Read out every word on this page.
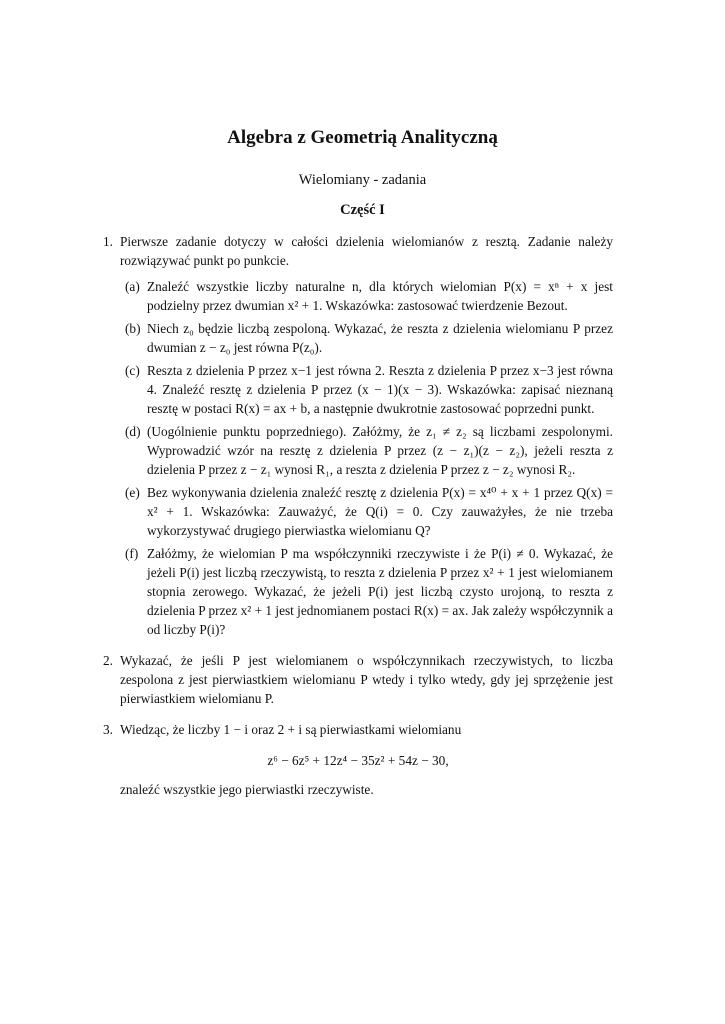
Algebra z Geometrią Analityczną
Wielomiany - zadania
Część I
1. Pierwsze zadanie dotyczy w całości dzielenia wielomianów z resztą. Zadanie należy rozwiązywać punkt po punkcie.
(a) Znaleźć wszystkie liczby naturalne n, dla których wielomian P(x) = xⁿ + x jest podzielny przez dwumian x² + 1. Wskazówka: zastosować twierdzenie Bezout.
(b) Niech z₀ będzie liczbą zespoloną. Wykazać, że reszta z dzielenia wielomianu P przez dwumian z − z₀ jest równa P(z₀).
(c) Reszta z dzielenia P przez x−1 jest równa 2. Reszta z dzielenia P przez x−3 jest równa 4. Znaleźć resztę z dzielenia P przez (x − 1)(x − 3). Wskazówka: zapisać nieznaną resztę w postaci R(x) = ax + b, a następnie dwukrotnie zastosować poprzedni punkt.
(d) (Uogólnienie punktu poprzedniego). Załóżmy, że z₁ ≠ z₂ są liczbami zespolonymi. Wyprowadzić wzór na resztę z dzielenia P przez (z − z₁)(z − z₂), jeżeli reszta z dzielenia P przez z − z₁ wynosi R₁, a reszta z dzielenia P przez z − z₂ wynosi R₂.
(e) Bez wykonywania dzielenia znaleźć resztę z dzielenia P(x) = x⁴⁰ + x + 1 przez Q(x) = x² + 1. Wskazówka: Zauważyć, że Q(i) = 0. Czy zauważyłes, że nie trzeba wykorzystywać drugiego pierwiastka wielomianu Q?
(f) Załóżmy, że wielomian P ma współczynniki rzeczywiste i że P(i) ≠ 0. Wykazać, że jeżeli P(i) jest liczbą rzeczywistą, to reszta z dzielenia P przez x² + 1 jest wielomianem stopnia zerowego. Wykazać, że jeżeli P(i) jest liczbą czysto urojoną, to reszta z dzielenia P przez x² + 1 jest jednomianem postaci R(x) = ax. Jak zależy współczynnik a od liczby P(i)?
2. Wykazać, że jeśli P jest wielomianem o współczynnikach rzeczywistych, to liczba zespolona z jest pierwiastkiem wielomianu P wtedy i tylko wtedy, gdy jej sprzężenie jest pierwiastkiem wielomianu P.
3. Wiedząc, że liczby 1 − i oraz 2 + i są pierwiastkami wielomianu
z⁶ − 6z⁵ + 12z⁴ − 35z² + 54z − 30,
znaleźć wszystkie jego pierwiastki rzeczywiste.
